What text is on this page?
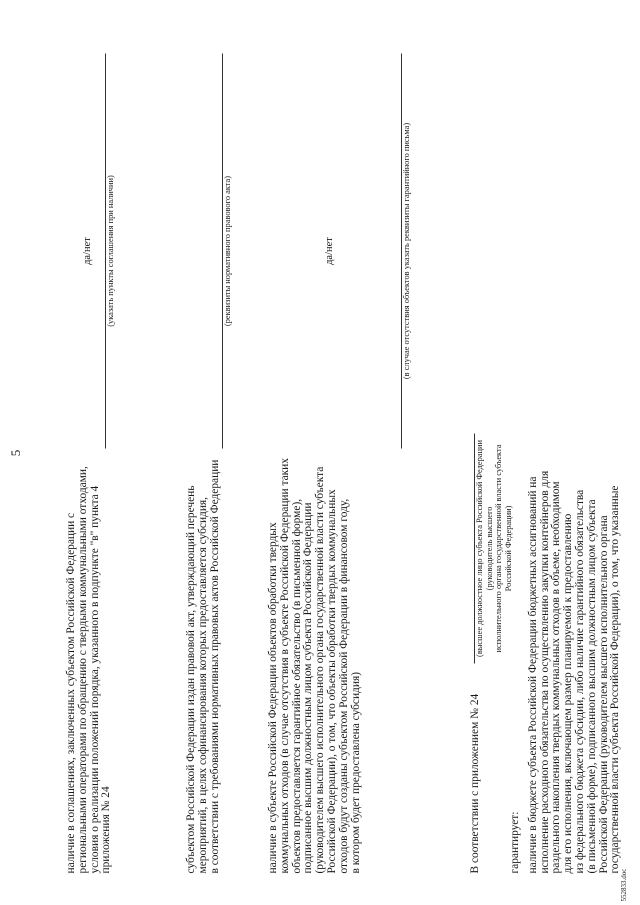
5
наличие в соглашениях, заключенных субъектом Российской Федерации с региональными операторами по обращению с твердыми коммунальными отходами, условия о реализации положений порядка, указанного в подпункте "в" пункта 4 приложения № 24
да/нет (указать пункты соглашения при наличии)
субъектом Российской Федерации издан правовой акт, утверждающий перечень мероприятий, в целях софинансирования которых предоставляется субсидия, в соответствии с требованиями нормативных правовых актов Российской Федерации
(реквизиты нормативного правового акта)
наличие в субъекте Российской Федерации объектов обработки твердых коммунальных отходов (в случае отсутствия в субъекте Российской Федерации таких объектов предоставляется гарантийное обязательство (в письменной форме), подписанное высшим должностным лицом субъекта Российской Федерации (руководителем высшего исполнительного органа государственной власти субъекта Российской Федерации), о том, что объекты обработки твердых коммунальных отходов будут созданы субъектом Российской Федерации в финансовом году, в котором будет предоставлена субсидия)
да/нет	(в случае отсутствия объектов указать реквизиты гарантийного письма)
В соответствии с приложением № 24
(высшее должностное лицо субъекта Российской Федерации (руководитель высшего исполнительного органа государственной власти субъекта Российской Федерации)
гарантирует: наличие в бюджете субъекта Российской Федерации бюджетных ассигнований на исполнение расходного обязательства по осуществлению закупки контейнеров для раздельного накопления твердых коммунальных отходов в объеме, необходимом для его исполнения, включающем размер планируемой к предоставлению из федерального бюджета субсидии, либо наличие гарантийного обязательства (в письменной форме), подписанного высшим должностным лицом субъекта Российской Федерации (руководителем высшего исполнительного органа государственной власти субъекта Российской Федерации), о том, что указанные
552833.doc
